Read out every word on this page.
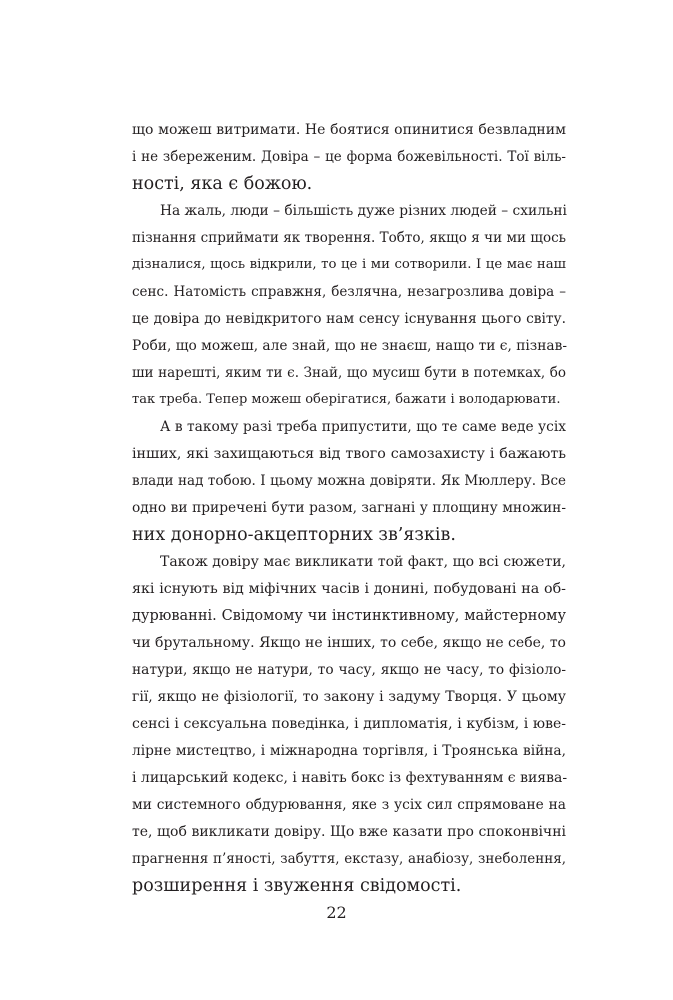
що можеш витримати. Не боятися опинитися безвладним
і не збереженим. Довіра – це форма божевільності. Тої віль-
ності, яка є божою.
На жаль, люди – більшість дуже різних людей – схильні
пізнання сприймати як творення. Тобто, якщо я чи ми щось
дізналися, щось відкрили, то це і ми сотворили. І це має наш
сенс. Натомість справжня, безлячна, незагрозлива довіра –
це довіра до невідкритого нам сенсу існування цього світу.
Роби, що можеш, але знай, що не знаєш, нащо ти є, пізнав-
ши нарешті, яким ти є. Знай, що мусиш бути в потемках, бо
так треба. Тепер можеш оберігатися, бажати і володарювати.
А в такому разі треба припустити, що те саме веде усіх
інших, які захищаються від твого самозахисту і бажають
влади над тобою. І цьому можна довіряти. Як Мюллеру. Все
одно ви приречені бути разом, загнані у площину множин-
них донорно-акцепторних зв’язків.
Також довіру має викликати той факт, що всі сюжети,
які існують від міфічних часів і донині, побудовані на об-
дурюванні. Свідомому чи інстинктивному, майстерному
чи брутальному. Якщо не інших, то себе, якщо не себе, то
натури, якщо не натури, то часу, якщо не часу, то фізіоло-
гії, якщо не фізіології, то закону і задуму Творця. У цьому
сенсі і сексуальна поведінка, і дипломатія, і кубізм, і юве-
лірне мистецтво, і міжнародна торгівля, і Троянська війна,
і лицарський кодекс, і навіть бокс із фехтуванням є виява-
ми системного обдурювання, яке з усіх сил спрямоване на
те, щоб викликати довіру. Що вже казати про споконвічні
прагнення п’яності, забуття, екстазу, анабіозу, знеболення,
розширення і звуження свідомості.
22
